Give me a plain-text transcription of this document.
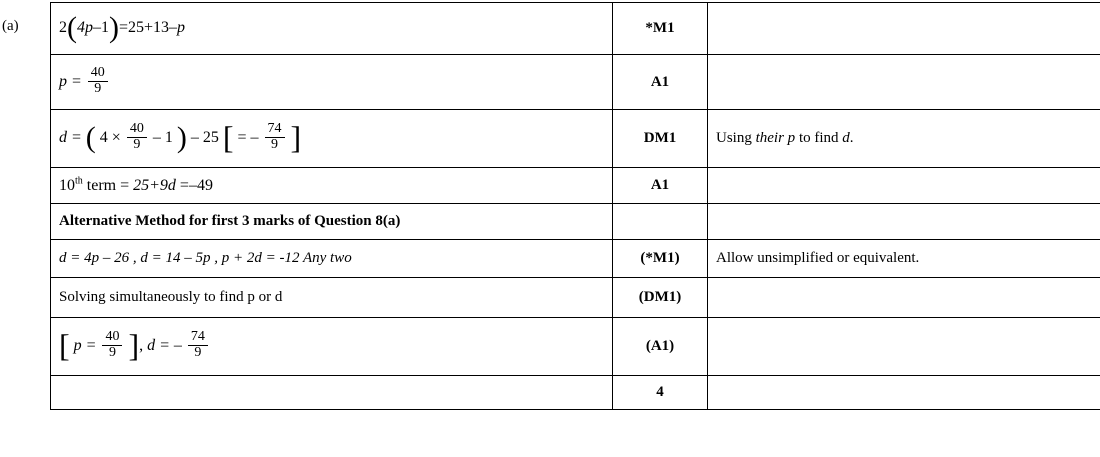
(a)	2(4p–1)=25+13–p	*M1	
$p = \frac{40}{9}$	A1	
d = ( $4 \times \frac{40}{9} - 1$ ) – 25 [ = – $\frac{74}{9}$ ]	DM1	Using their p to find d.
10th term = 25+9d =–49	A1	
Alternative Method for first 3 marks of Question 8(a)		
d = 4p – 26 , d = 14 – 5p , p + 2d = -12 Any two	(*M1)	Allow unsimplified or equivalent.
Solving simultaneously to find p or d	(DM1)	
[ $p = \frac{40}{9}$ ], d = – $\frac{74}{9}$	(A1)	
	4	
